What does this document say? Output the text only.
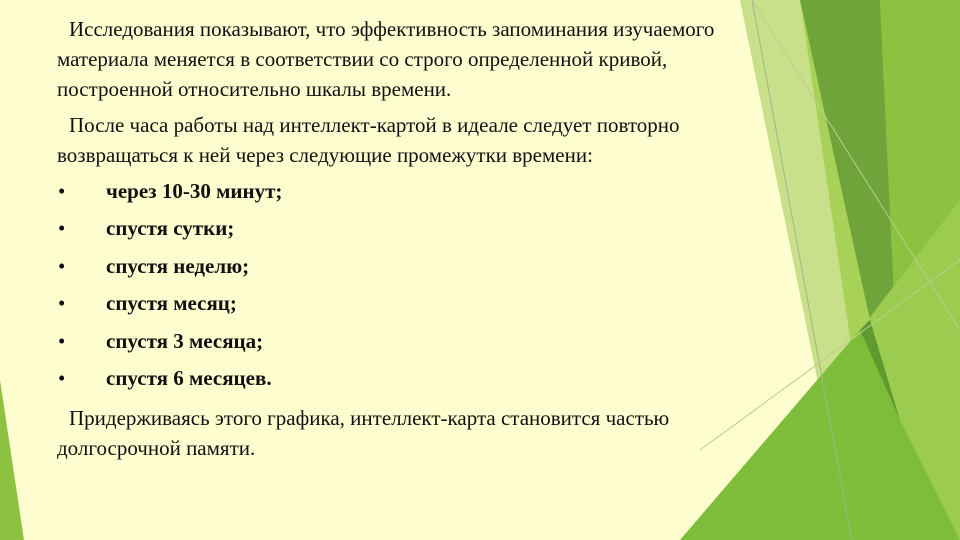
Исследования показывают, что эффективность запоминания изучаемого материала меняется в соответствии со строго определенной кривой, построенной относительно шкалы времени.

После часа работы над интеллект-картой в идеале следует повторно возвращаться к ней через следующие промежутки времени:

•	через 10-30 минут;
•	спустя сутки;
•	спустя неделю;
•	спустя месяц;
•	спустя 3 месяца;
•	спустя 6 месяцев.

Придерживаясь этого графика, интеллект-карта становится частью долгосрочной памяти.
